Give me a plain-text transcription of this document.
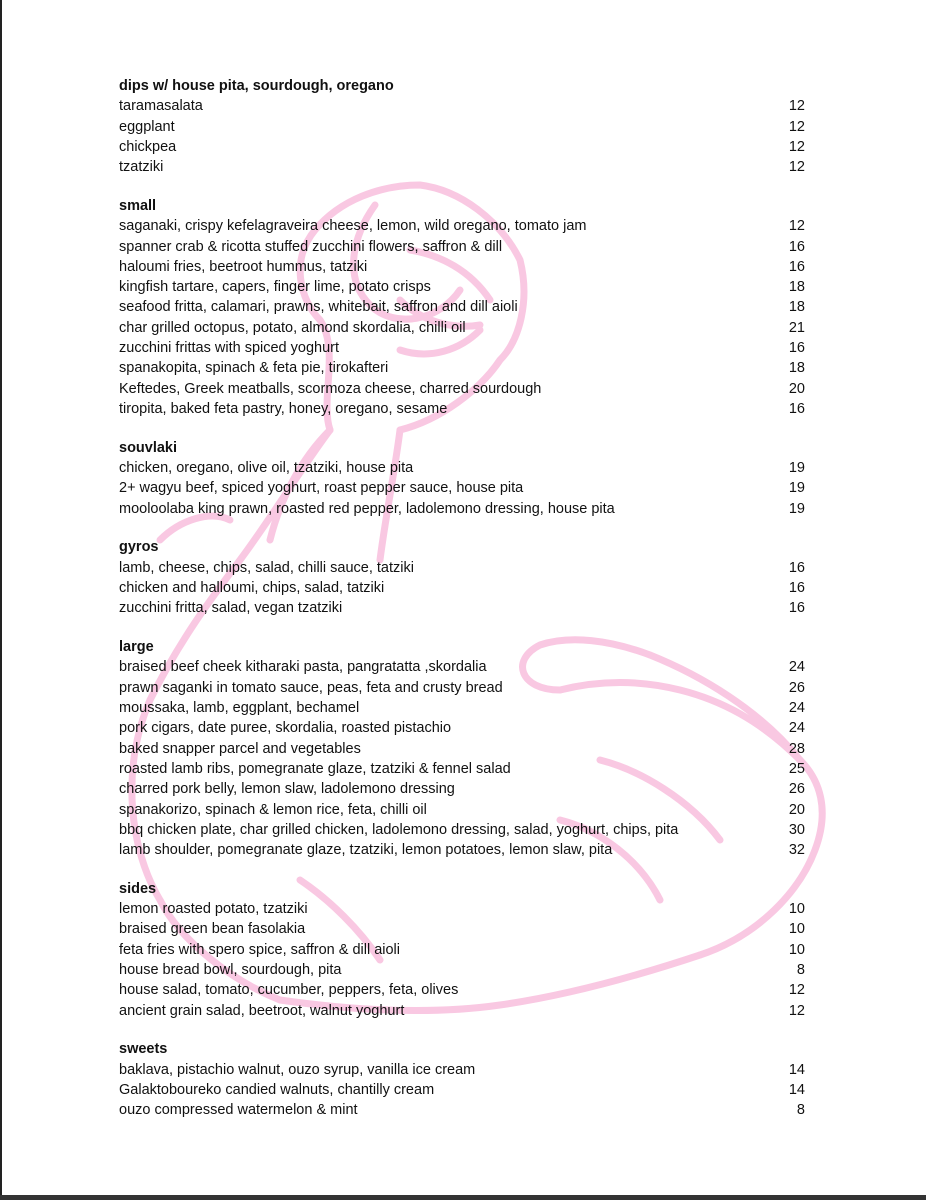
dips w/ house pita, sourdough, oregano
taramasalata	12
eggplant	12
chickpea	12
tzatziki	12
small
saganaki, crispy kefelagraveira cheese, lemon, wild oregano, tomato jam	12
spanner crab & ricotta stuffed zucchini flowers, saffron & dill	16
haloumi fries, beetroot hummus, tatziki	16
kingfish tartare, capers, finger lime, potato crisps	18
seafood fritta, calamari, prawns, whitebait, saffron and dill aioli	18
char grilled octopus, potato, almond skordalia, chilli oil	21
zucchini frittas with spiced yoghurt	16
spanakopita, spinach & feta pie, tirokafteri	18
Keftedes, Greek meatballs, scormoza cheese, charred sourdough	20
tiropita, baked feta pastry, honey, oregano, sesame	16
souvlaki
chicken, oregano, olive oil, tzatziki, house pita	19
2+ wagyu beef, spiced yoghurt, roast pepper sauce, house pita	19
mooloolaba king prawn, roasted red pepper, ladolemono dressing, house pita	19
gyros
lamb, cheese, chips, salad, chilli sauce, tatziki	16
chicken and halloumi, chips, salad, tatziki	16
zucchini fritta, salad, vegan tzatziki	16
large
braised beef cheek kitharaki pasta, pangratatta ,skordalia	24
prawn saganki in tomato sauce, peas, feta and crusty bread	26
moussaka, lamb, eggplant, bechamel	24
pork cigars, date puree, skordalia, roasted pistachio	24
baked snapper parcel and vegetables	28
roasted lamb ribs, pomegranate glaze, tzatziki & fennel salad	25
charred pork belly, lemon slaw, ladolemono dressing	26
spanakorizo, spinach & lemon rice, feta, chilli oil	20
bbq chicken plate, char grilled chicken, ladolemono dressing, salad, yoghurt, chips, pita	30
lamb shoulder, pomegranate glaze, tzatziki, lemon potatoes, lemon slaw, pita	32
sides
lemon roasted potato, tzatziki	10
braised green bean fasolakia	10
feta fries with spero spice, saffron & dill aioli	10
house bread bowl, sourdough, pita	8
house salad, tomato, cucumber, peppers, feta, olives	12
ancient grain salad, beetroot, walnut yoghurt	12
sweets
baklava, pistachio walnut, ouzo syrup, vanilla ice cream	14
Galaktoboureko candied walnuts, chantilly cream	14
ouzo compressed watermelon & mint	8
